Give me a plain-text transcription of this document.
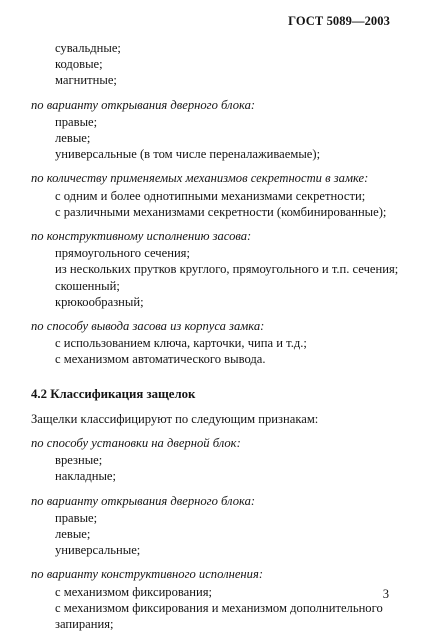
ГОСТ 5089—2003

сувальдные;

кодовые;

магнитные;

по варианту открывания дверного блока:

правые;

левые;

универсальные (в том числе переналаживаемые);

по количеству применяемых механизмов секретности в замке:

с одним и более однотипными механизмами секретности;

с различными механизмами секретности (комбинированные);

по конструктивному исполнению засова:

прямоугольного сечения;

из нескольких прутков круглого, прямоугольного и т.п. сечения;

скошенный;

крюкообразный;

по способу вывода засова из корпуса замка:

с использованием ключа, карточки, чипа и т.д.;

с механизмом автоматического вывода.

4.2 Классификация защелок

Защелки классифицируют по следующим признакам:

по способу установки на дверной блок:

врезные;

накладные;

по варианту открывания дверного блока:

правые;

левые;

универсальные;

по варианту конструктивного исполнения:

с механизмом фиксирования;

с механизмом фиксирования и механизмом дополнительного запирания;

3
